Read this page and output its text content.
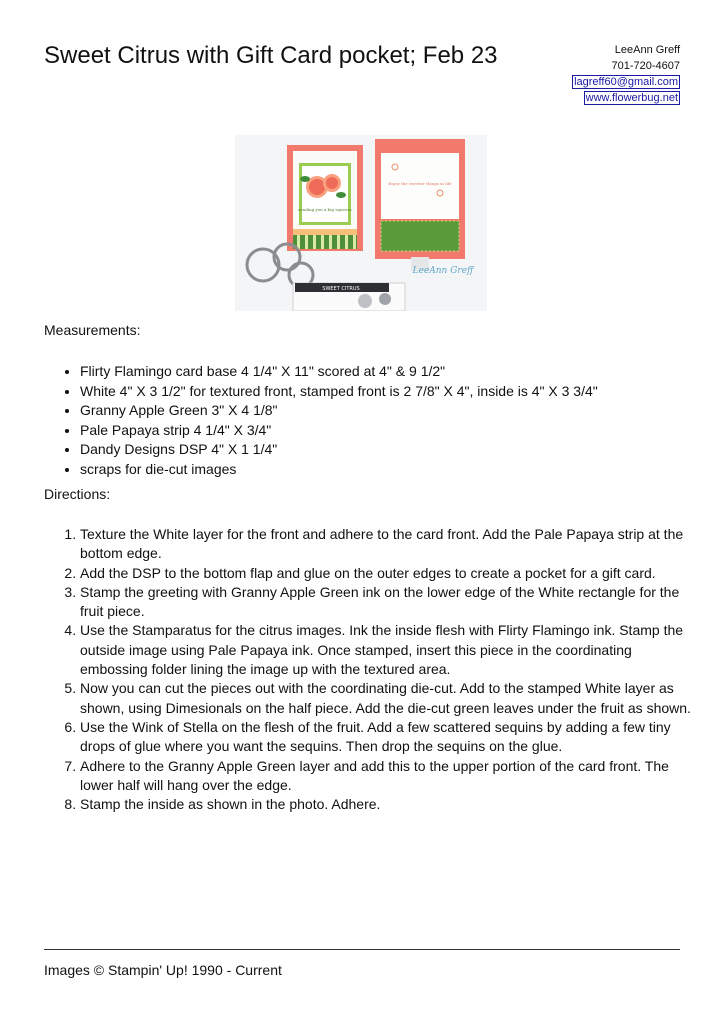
Sweet Citrus with Gift Card pocket; Feb 23	LeeAnn Greff
701-720-4607
lagreff60@gmail.com
www.flowerbug.net
sending you a big squeeze
Enjoy the sweeter things in life
SWEET CITRUS
LeeAnn Greff

Measurements:

• Flirty Flamingo card base 4 1/4" X 11" scored at 4" & 9 1/2"
• White 4" X 3 1/2" for textured front, stamped front is 2 7/8" X 4", inside is 4" X 3 3/4"
• Granny Apple Green 3" X 4 1/8"
• Pale Papaya strip 4 1/4" X 3/4"
• Dandy Designs DSP 4" X 1 1/4"
• scraps for die-cut images

Directions:

1. Texture the White layer for the front and adhere to the card front. Add the Pale Papaya strip at the bottom edge.
2. Add the DSP to the bottom flap and glue on the outer edges to create a pocket for a gift card.
3. Stamp the greeting with Granny Apple Green ink on the lower edge of the White rectangle for the fruit piece.
4. Use the Stamparatus for the citrus images. Ink the inside flesh with Flirty Flamingo ink. Stamp the outside image using Pale Papaya ink. Once stamped, insert this piece in the coordinating embossing folder lining the image up with the textured area.
5. Now you can cut the pieces out with the coordinating die-cut. Add to the stamped White layer as shown, using Dimesionals on the half piece. Add the die-cut green leaves under the fruit as shown.
6. Use the Wink of Stella on the flesh of the fruit. Add a few scattered sequins by adding a few tiny drops of glue where you want the sequins. Then drop the sequins on the glue.
7. Adhere to the Granny Apple Green layer and add this to the upper portion of the card front. The lower half will hang over the edge.
8. Stamp the inside as shown in the photo. Adhere.
Images © Stampin' Up! 1990 - Current
